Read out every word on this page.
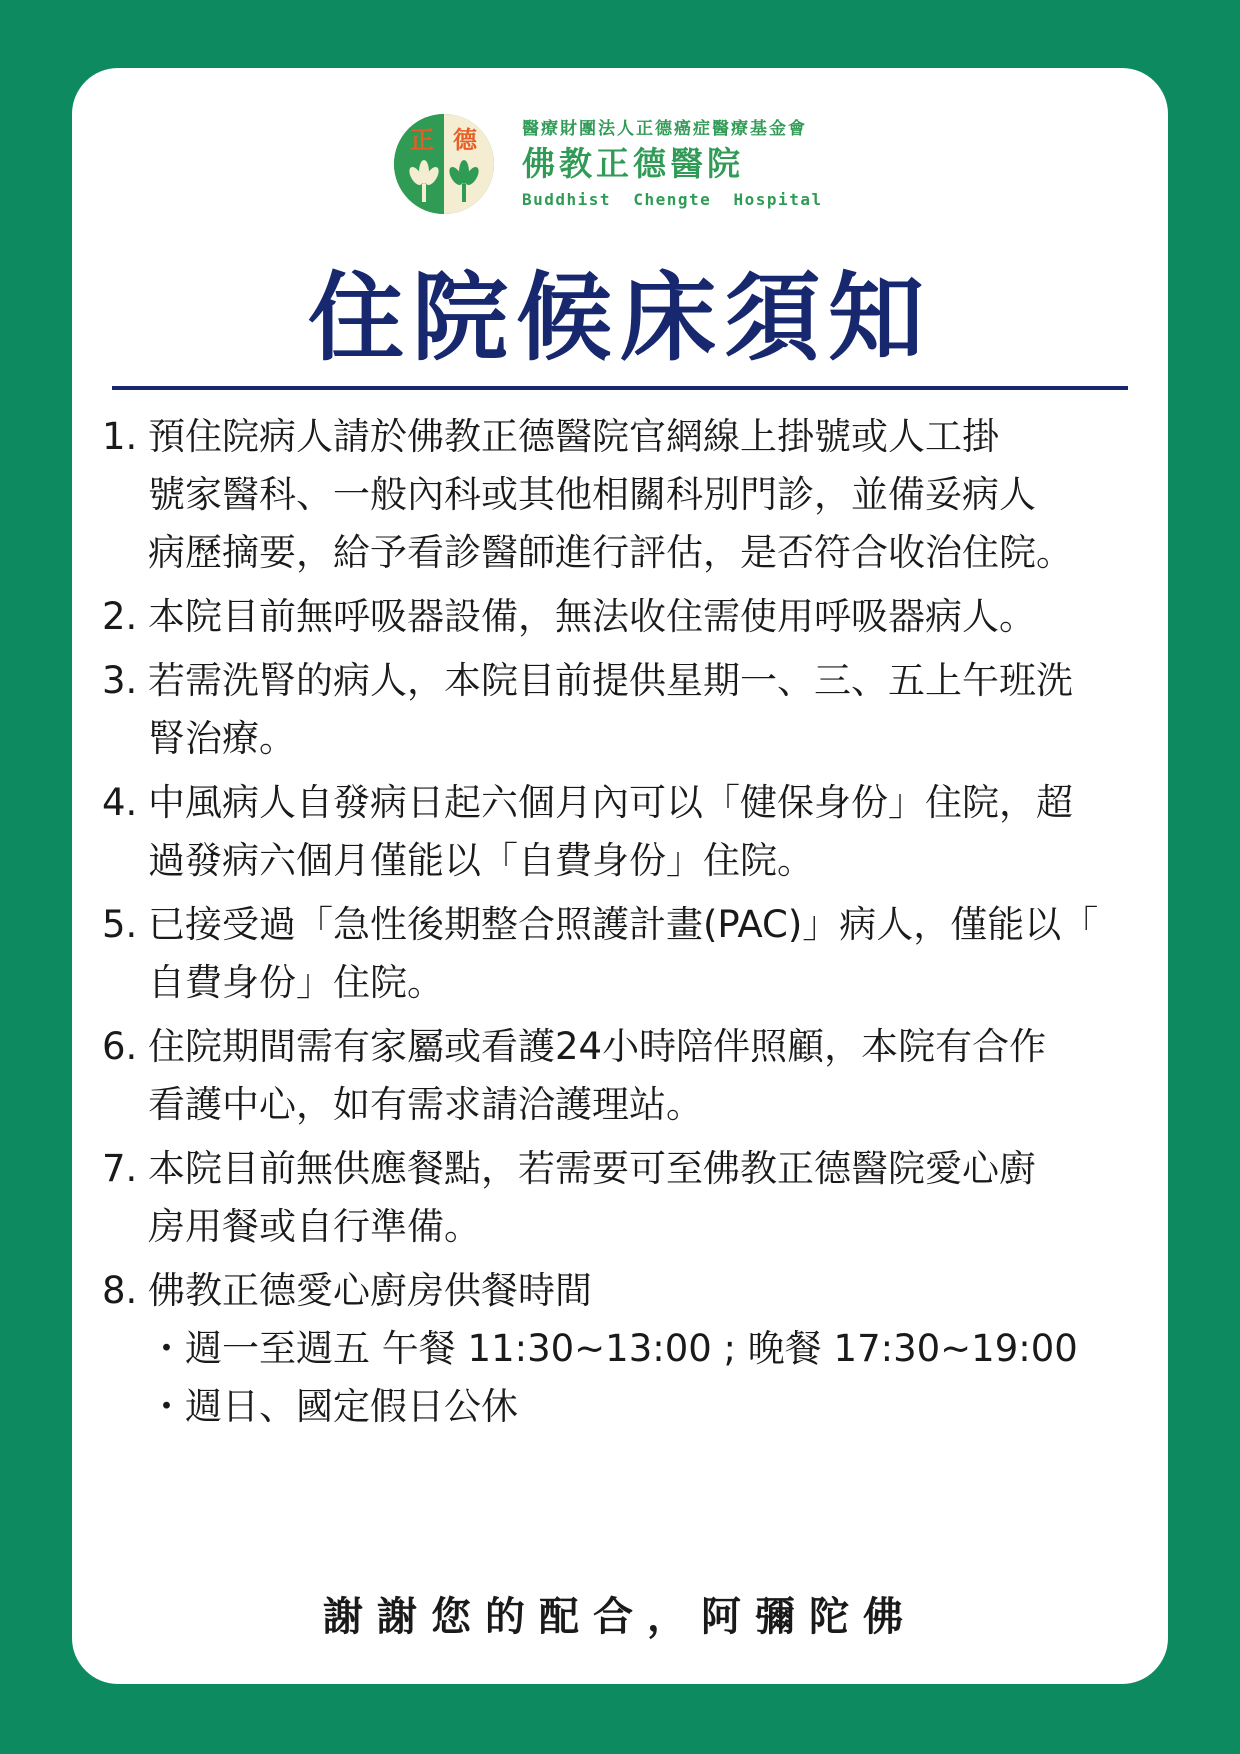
正 德	醫療財團法人正德癌症醫療基金會
佛教正德醫院
Buddhist  Chengte  Hospital
住院候床須知
1. 預住院病人請於佛教正德醫院官網線上掛號或人工掛
號家醫科、一般內科或其他相關科別門診，並備妥病人
病歷摘要，給予看診醫師進行評估，是否符合收治住院。
2. 本院目前無呼吸器設備，無法收住需使用呼吸器病人。
3. 若需洗腎的病人，本院目前提供星期一、三、五上午班洗
腎治療。
4. 中風病人自發病日起六個月內可以「健保身份」住院，超
過發病六個月僅能以「自費身份」住院。
5. 已接受過「急性後期整合照護計畫(PAC)」病人，僅能以「
自費身份」住院。
6. 住院期間需有家屬或看護24小時陪伴照顧，本院有合作
看護中心，如有需求請洽護理站。
7. 本院目前無供應餐點，若需要可至佛教正德醫院愛心廚
房用餐或自行準備。
8. 佛教正德愛心廚房供餐時間
・週一至週五 午餐 11:30~13:00 ; 晚餐 17:30~19:00
・週日、國定假日公休
謝謝您的配合，阿彌陀佛
